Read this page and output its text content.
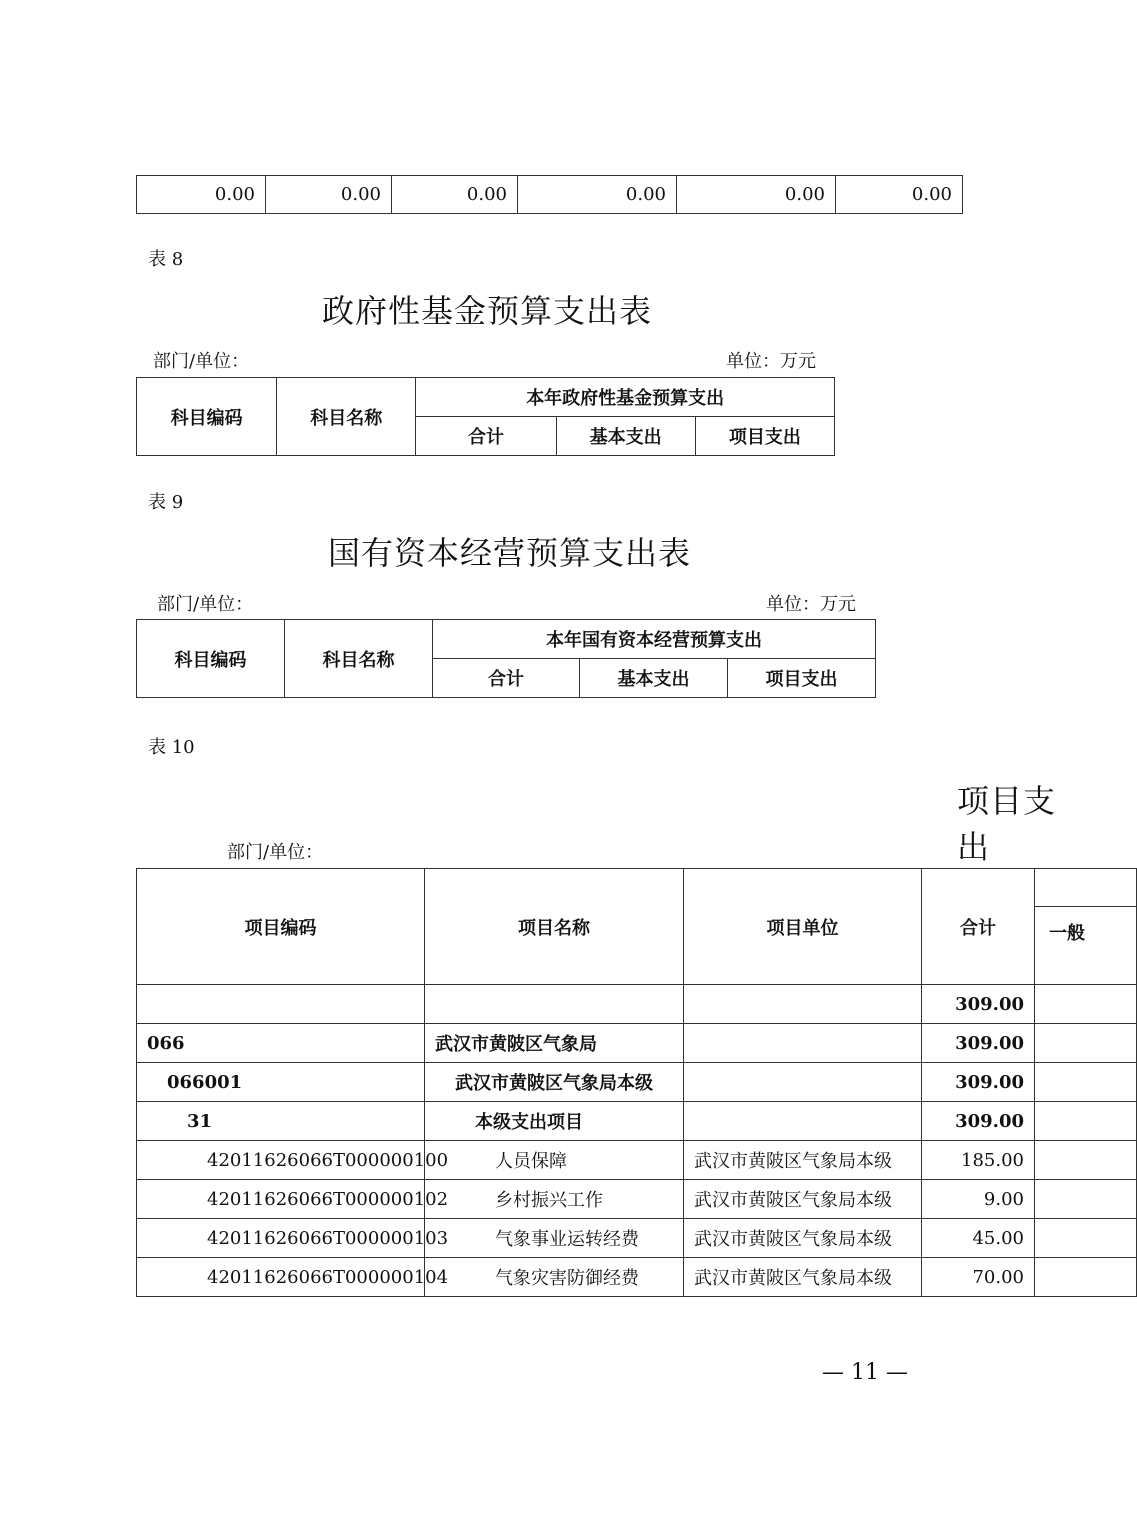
0.00	0.00	0.00	0.00	0.00	0.00
表 8
政府性基金预算支出表
部门/单位：	单位：万元
科目编码	科目名称	本年政府性基金预算支出		
		合计	基本支出	项目支出
表 9
国有资本经营预算支出表
部门/单位：	单位：万元
科目编码	科目名称	本年国有资本经营预算支出		
		合计	基本支出	项目支出
表 10
项目支出
部门/单位：
项目编码	项目名称	项目单位	合计	
				一般
			309.00	
066	武汉市黄陂区气象局		309.00	
066001	武汉市黄陂区气象局本级		309.00	
31	本级支出项目		309.00	
42011626066T000000100	人员保障	武汉市黄陂区气象局本级	185.00	
42011626066T000000102	乡村振兴工作	武汉市黄陂区气象局本级	9.00	
42011626066T000000103	气象事业运转经费	武汉市黄陂区气象局本级	45.00	
42011626066T000000104	气象灾害防御经费	武汉市黄陂区气象局本级	70.00	
— 11 —
